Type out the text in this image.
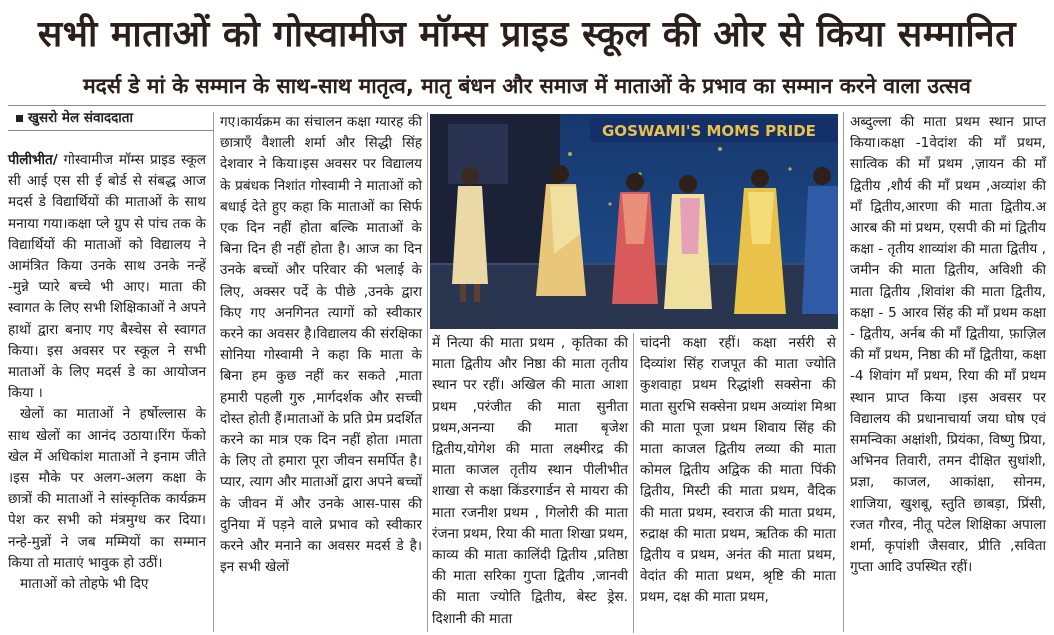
सभी माताओं को गोस्वामीज मॉम्स प्राइड स्कूल की ओर से किया सम्मानित
मदर्स डे मां के सम्मान के साथ-साथ मातृत्व, मातृ बंधन और समाज में माताओं के प्रभाव का सम्मान करने वाला उत्सव
खुसरो मेल संवाददाता

पीलीभीत/ गोस्वामीज मॉम्स प्राइड स्कूल सी आई एस सी ई बोर्ड से संबद्ध आज मदर्स डे विद्यार्थियों की माताओं के साथ मनाया गया।कक्षा प्ले ग्रुप से पांच तक के विद्यार्थियों की माताओं को विद्यालय ने आमंत्रित किया उनके साथ उनके नन्हें -मुन्ने प्यारे बच्चे भी आए। माता की स्वागत के लिए सभी शिक्षिकाओं ने अपने हाथों द्वारा बनाए गए बैस्चेस से स्वागत किया। इस अवसर पर स्कूल ने सभी माताओं के लिए मदर्स डे का आयोजन किया ।

खेलों का माताओं ने हर्षोल्लास के साथ खेलों का आनंद उठाया।रिंग फेंको खेल में अधिकांश माताओं ने इनाम जीते ।इस मौके पर अलग-अलग कक्षा के छात्रों की माताओं ने सांस्कृतिक कार्यक्रम पेश कर सभी को मंत्रमुग्ध कर दिया।नन्हे-मुन्नों ने जब मम्मियों का सम्मान किया तो माताएं भावुक हो उठीं।

माताओं को तोहफे भी दिए

गए।कार्यक्रम का संचालन कक्षा ग्यारह की छात्राएँ वैशाली शर्मा और सिद्धी सिंह देशवार ने किया।इस अवसर पर विद्यालय के प्रबंधक निशांत गोस्वामी ने माताओं को बधाई देते हुए कहा कि माताओं का सिर्फ एक दिन नहीं होता बल्कि माताओं के बिना दिन ही नहीं होता है। आज का दिन उनके बच्चों और परिवार की भलाई के लिए, अक्सर पर्दे के पीछे ,उनके द्वारा किए गए अनगिनत त्यागों को स्वीकार करने का अवसर है।विद्यालय की संरक्षिका सोनिया गोस्वामी ने कहा कि माता के बिना हम कुछ नहीं कर सकते ,माता हमारी पहली गुरु ,मार्गदर्शक और सच्ची दोस्त होती हैं।माताओं के प्रति प्रेम प्रदर्शित करने का मात्र एक दिन नहीं होता ।माता के लिए तो हमारा पूरा जीवन समर्पित है।प्यार, त्याग और माताओं द्वारा अपने बच्चों के जीवन में और उनके आस-पास की दुनिया में पड़ने वाले प्रभाव को स्वीकार करने और मनाने का अवसर मदर्स डे है।इन सभी खेलों

GOSWAMI'S MOMS PRIDE

में नित्या की माता प्रथम , कृतिका की माता द्वितीय और निष्ठा की माता तृतीय स्थान पर रहीं। अखिल की माता आशा प्रथम ,परंजीत की माता सुनीता प्रथम,अनन्या की माता बृजेश द्वितीय,योगेश की माता लक्ष्मीरद्र की माता काजल तृतीय स्थान पीलीभीत शाखा से कक्षा किंडरगार्डन से मायरा की माता रजनीश प्रथम , गिलोरी की माता रंजना प्रथम, रिया की माता शिखा प्रथम, काव्य की माता कालिंदी द्वितीय ,प्रतिष्ठा की माता सरिका गुप्ता द्वितीय ,जानवी की माता ज्योति द्वितीय, बेस्ट ड्रेस. दिशानी की माता

चांदनी कक्षा रहीं। कक्षा नर्सरी से दिव्यांश सिंह राजपूत की माता ज्योति कुशवाहा प्रथम रिद्धांशी सक्सेना की माता सुरभि सक्सेना प्रथम अव्यांश मिश्रा की माता पूजा प्रथम शिवाय सिंह की माता काजल द्वितीय लव्या की माता कोमल द्वितीय अद्विक की माता पिंकी द्वितीय, मिस्टी की माता प्रथम, वैदिक की माता प्रथम, स्वराज की माता प्रथम, रुद्राक्ष की माता प्रथम, ऋतिक की माता द्वितीय व प्रथम, अनंत की माता प्रथम, वेदांत की माता प्रथम, श्रृष्टि की माता प्रथम, दक्ष की माता प्रथम,

अब्दुल्ला की माता प्रथम स्थान प्राप्त किया।कक्षा -1वेदांश की माँ प्रथम, सात्विक की माँ प्रथम ,ज़ायन की माँ द्वितीय ,शौर्य की माँ प्रथम ,अव्यांश की माँ द्वितीय,आरणा की माता द्वितीय.अ आरब की मां प्रथम, एसपी की मां द्वितीय कक्षा - तृतीय शाव्यांश की माता द्वितीय , जमीन की माता द्वितीय, अविशी की माता द्वितीय ,शिवांश की माता द्वितीय, कक्षा - 5 आरव सिंह की माँ प्रथम कक्षा - द्वितीय, अर्नब की माँ द्वितीया, फ़ाज़िल की माँ प्रथम, निष्ठा की माँ द्वितीया, कक्षा -4 शिवांग माँ प्रथम, रिया की माँ प्रथम स्थान प्राप्त किया ।इस अवसर पर विद्यालय की प्रधानाचार्या जया घोष एवं समन्विका अक्षांशी, प्रियंका, विष्णु प्रिया, अभिनव तिवारी, तमन दीक्षित सुधांशी, प्रज्ञा, काजल, आकांक्षा, सोनम, शाजिया, खुशबू, स्तुति छाबड़ा, प्रिंसी, रजत गौरव, नीतू पटेल शिक्षिका अपाला शर्मा, कृपांशी जैसवार, प्रीति ,सविता गुप्ता आदि उपस्थित रहीं।
